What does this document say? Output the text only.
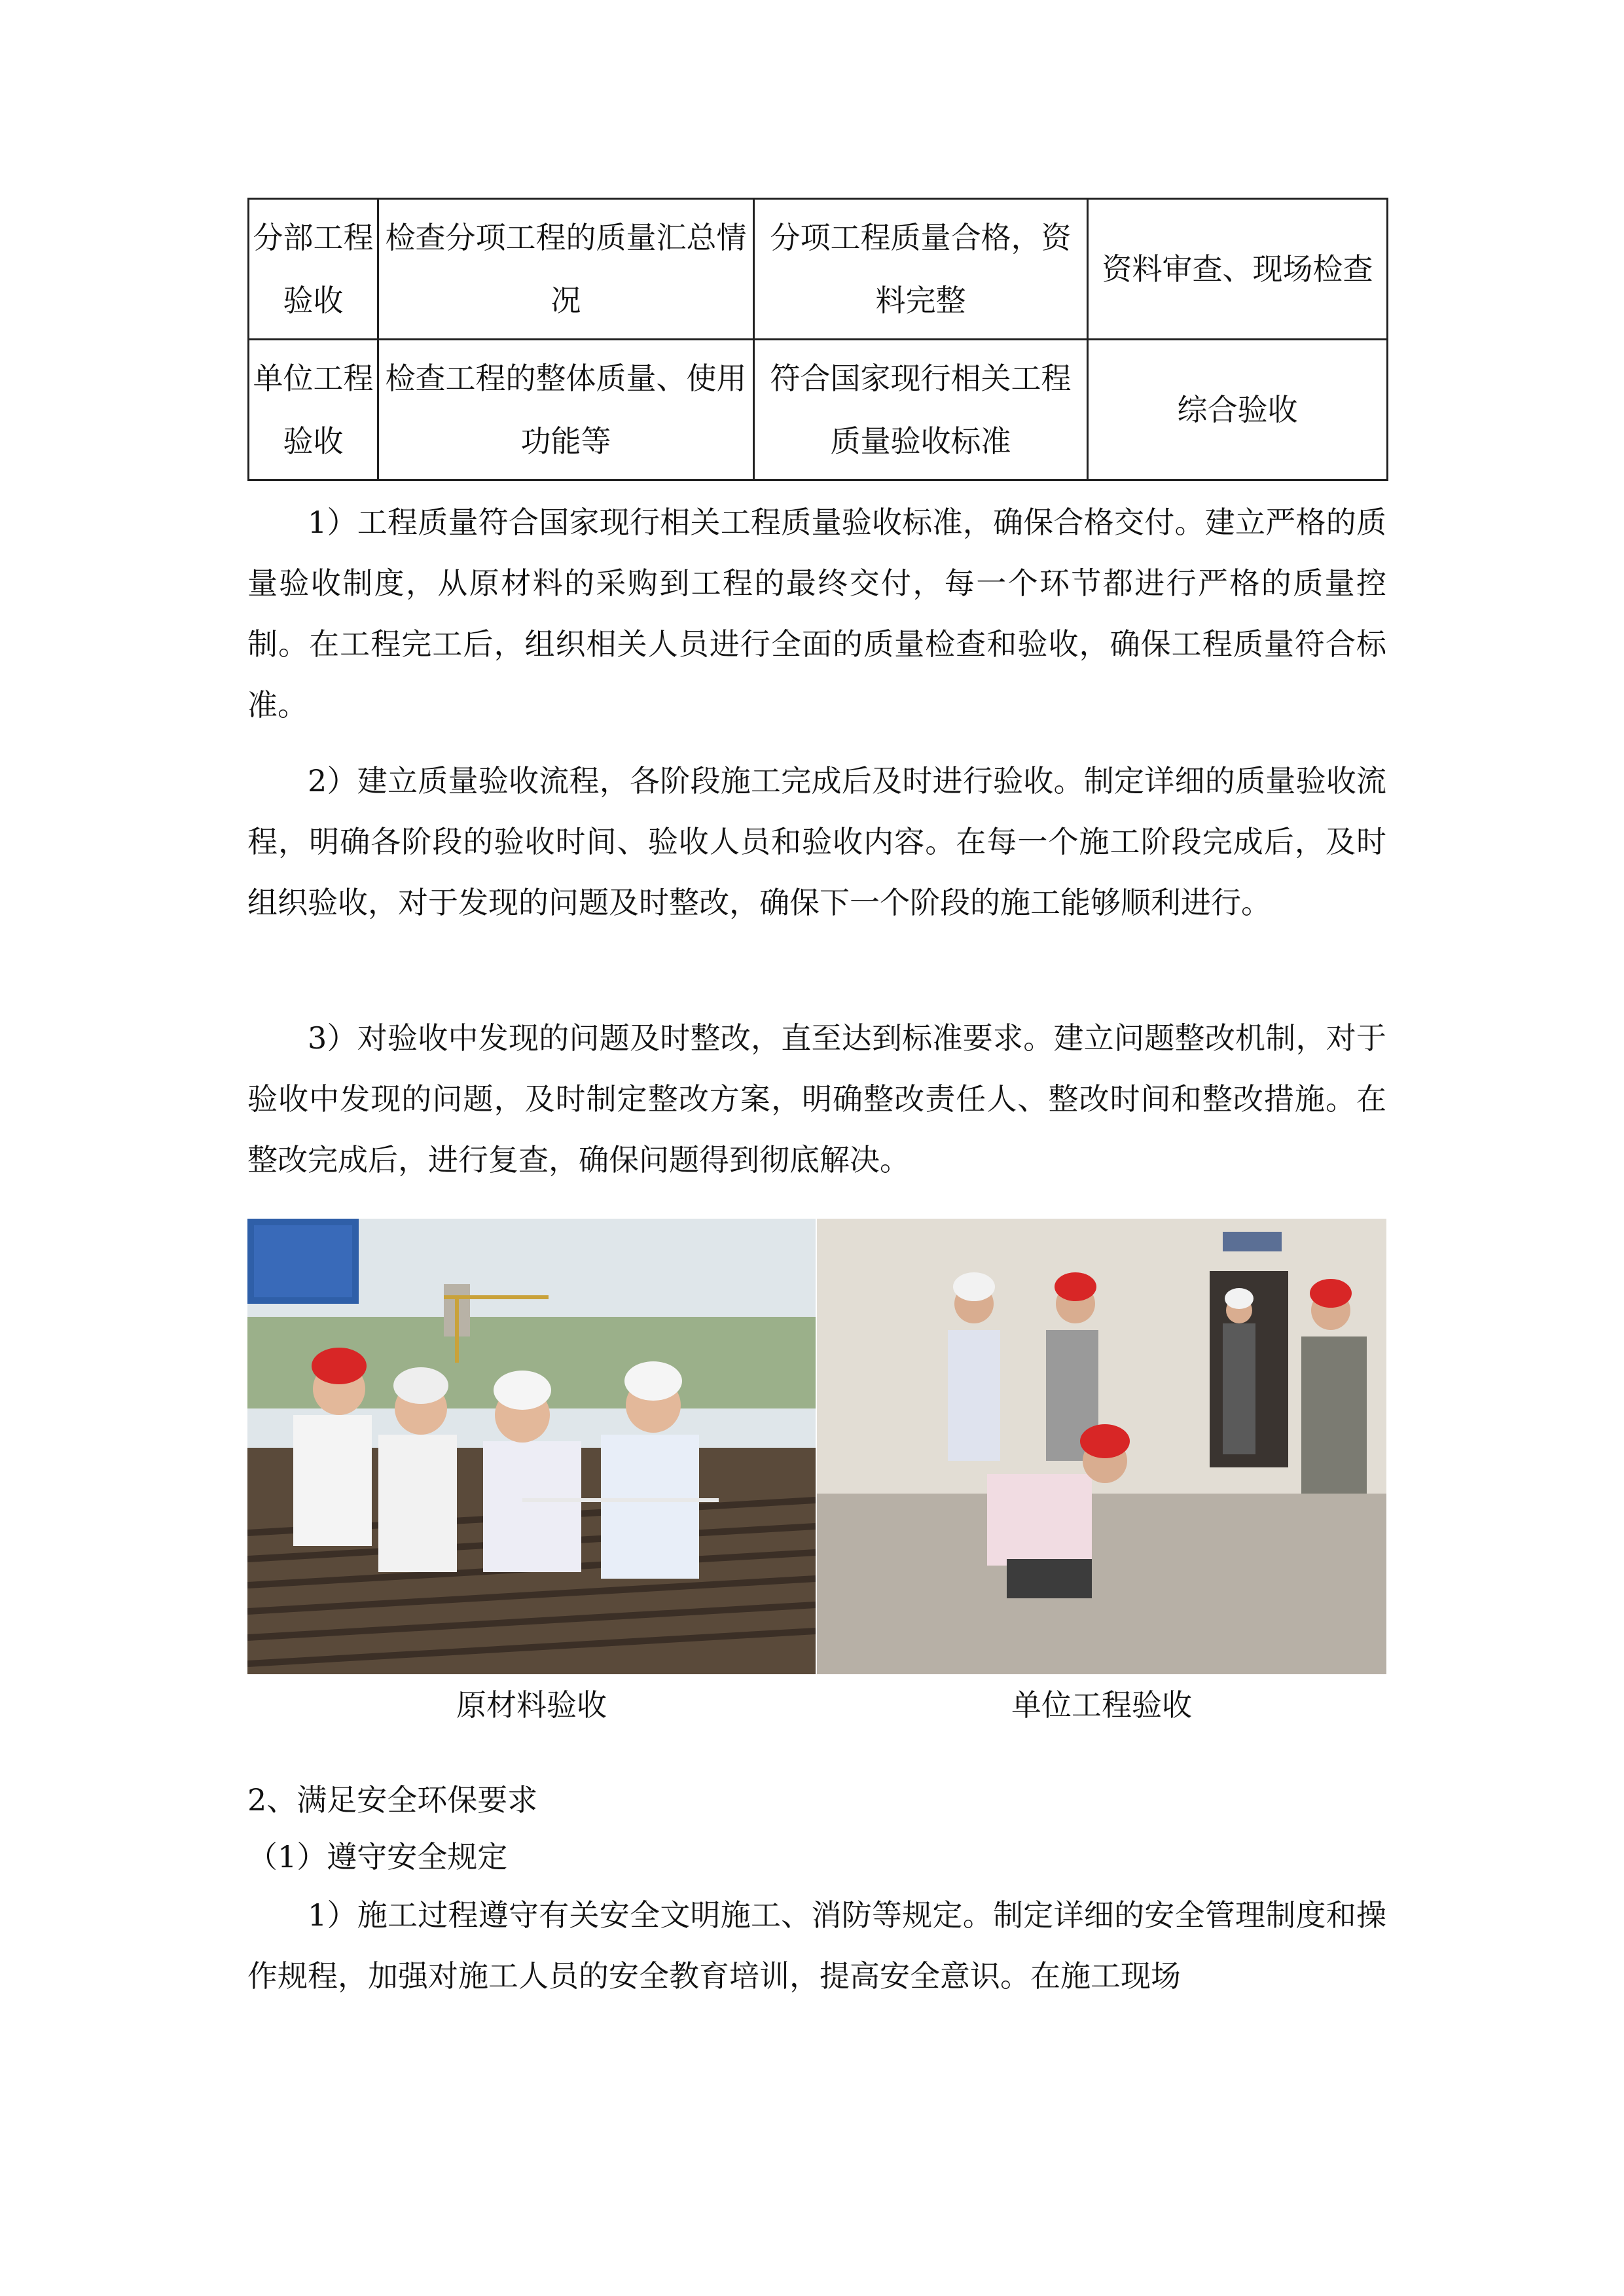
分部工程验收	检查分项工程的质量汇总情况	分项工程质量合格，资料完整	资料审查、现场检查
单位工程验收	检查工程的整体质量、使用功能等	符合国家现行相关工程质量验收标准	综合验收

1）工程质量符合国家现行相关工程质量验收标准，确保合格交付。建立严格的质量验收制度，从原材料的采购到工程的最终交付，每一个环节都进行严格的质量控制。在工程完工后，组织相关人员进行全面的质量检查和验收，确保工程质量符合标准。

2）建立质量验收流程，各阶段施工完成后及时进行验收。制定详细的质量验收流程，明确各阶段的验收时间、验收人员和验收内容。在每一个施工阶段完成后，及时组织验收，对于发现的问题及时整改，确保下一个阶段的施工能够顺利进行。

3）对验收中发现的问题及时整改，直至达到标准要求。建立问题整改机制，对于验收中发现的问题，及时制定整改方案，明确整改责任人、整改时间和整改措施。在整改完成后，进行复查，确保问题得到彻底解决。

原材料验收	单位工程验收

2、满足安全环保要求

（1）遵守安全规定

1）施工过程遵守有关安全文明施工、消防等规定。制定详细的安全管理制度和操作规程，加强对施工人员的安全教育培训，提高安全意识。在施工现场
